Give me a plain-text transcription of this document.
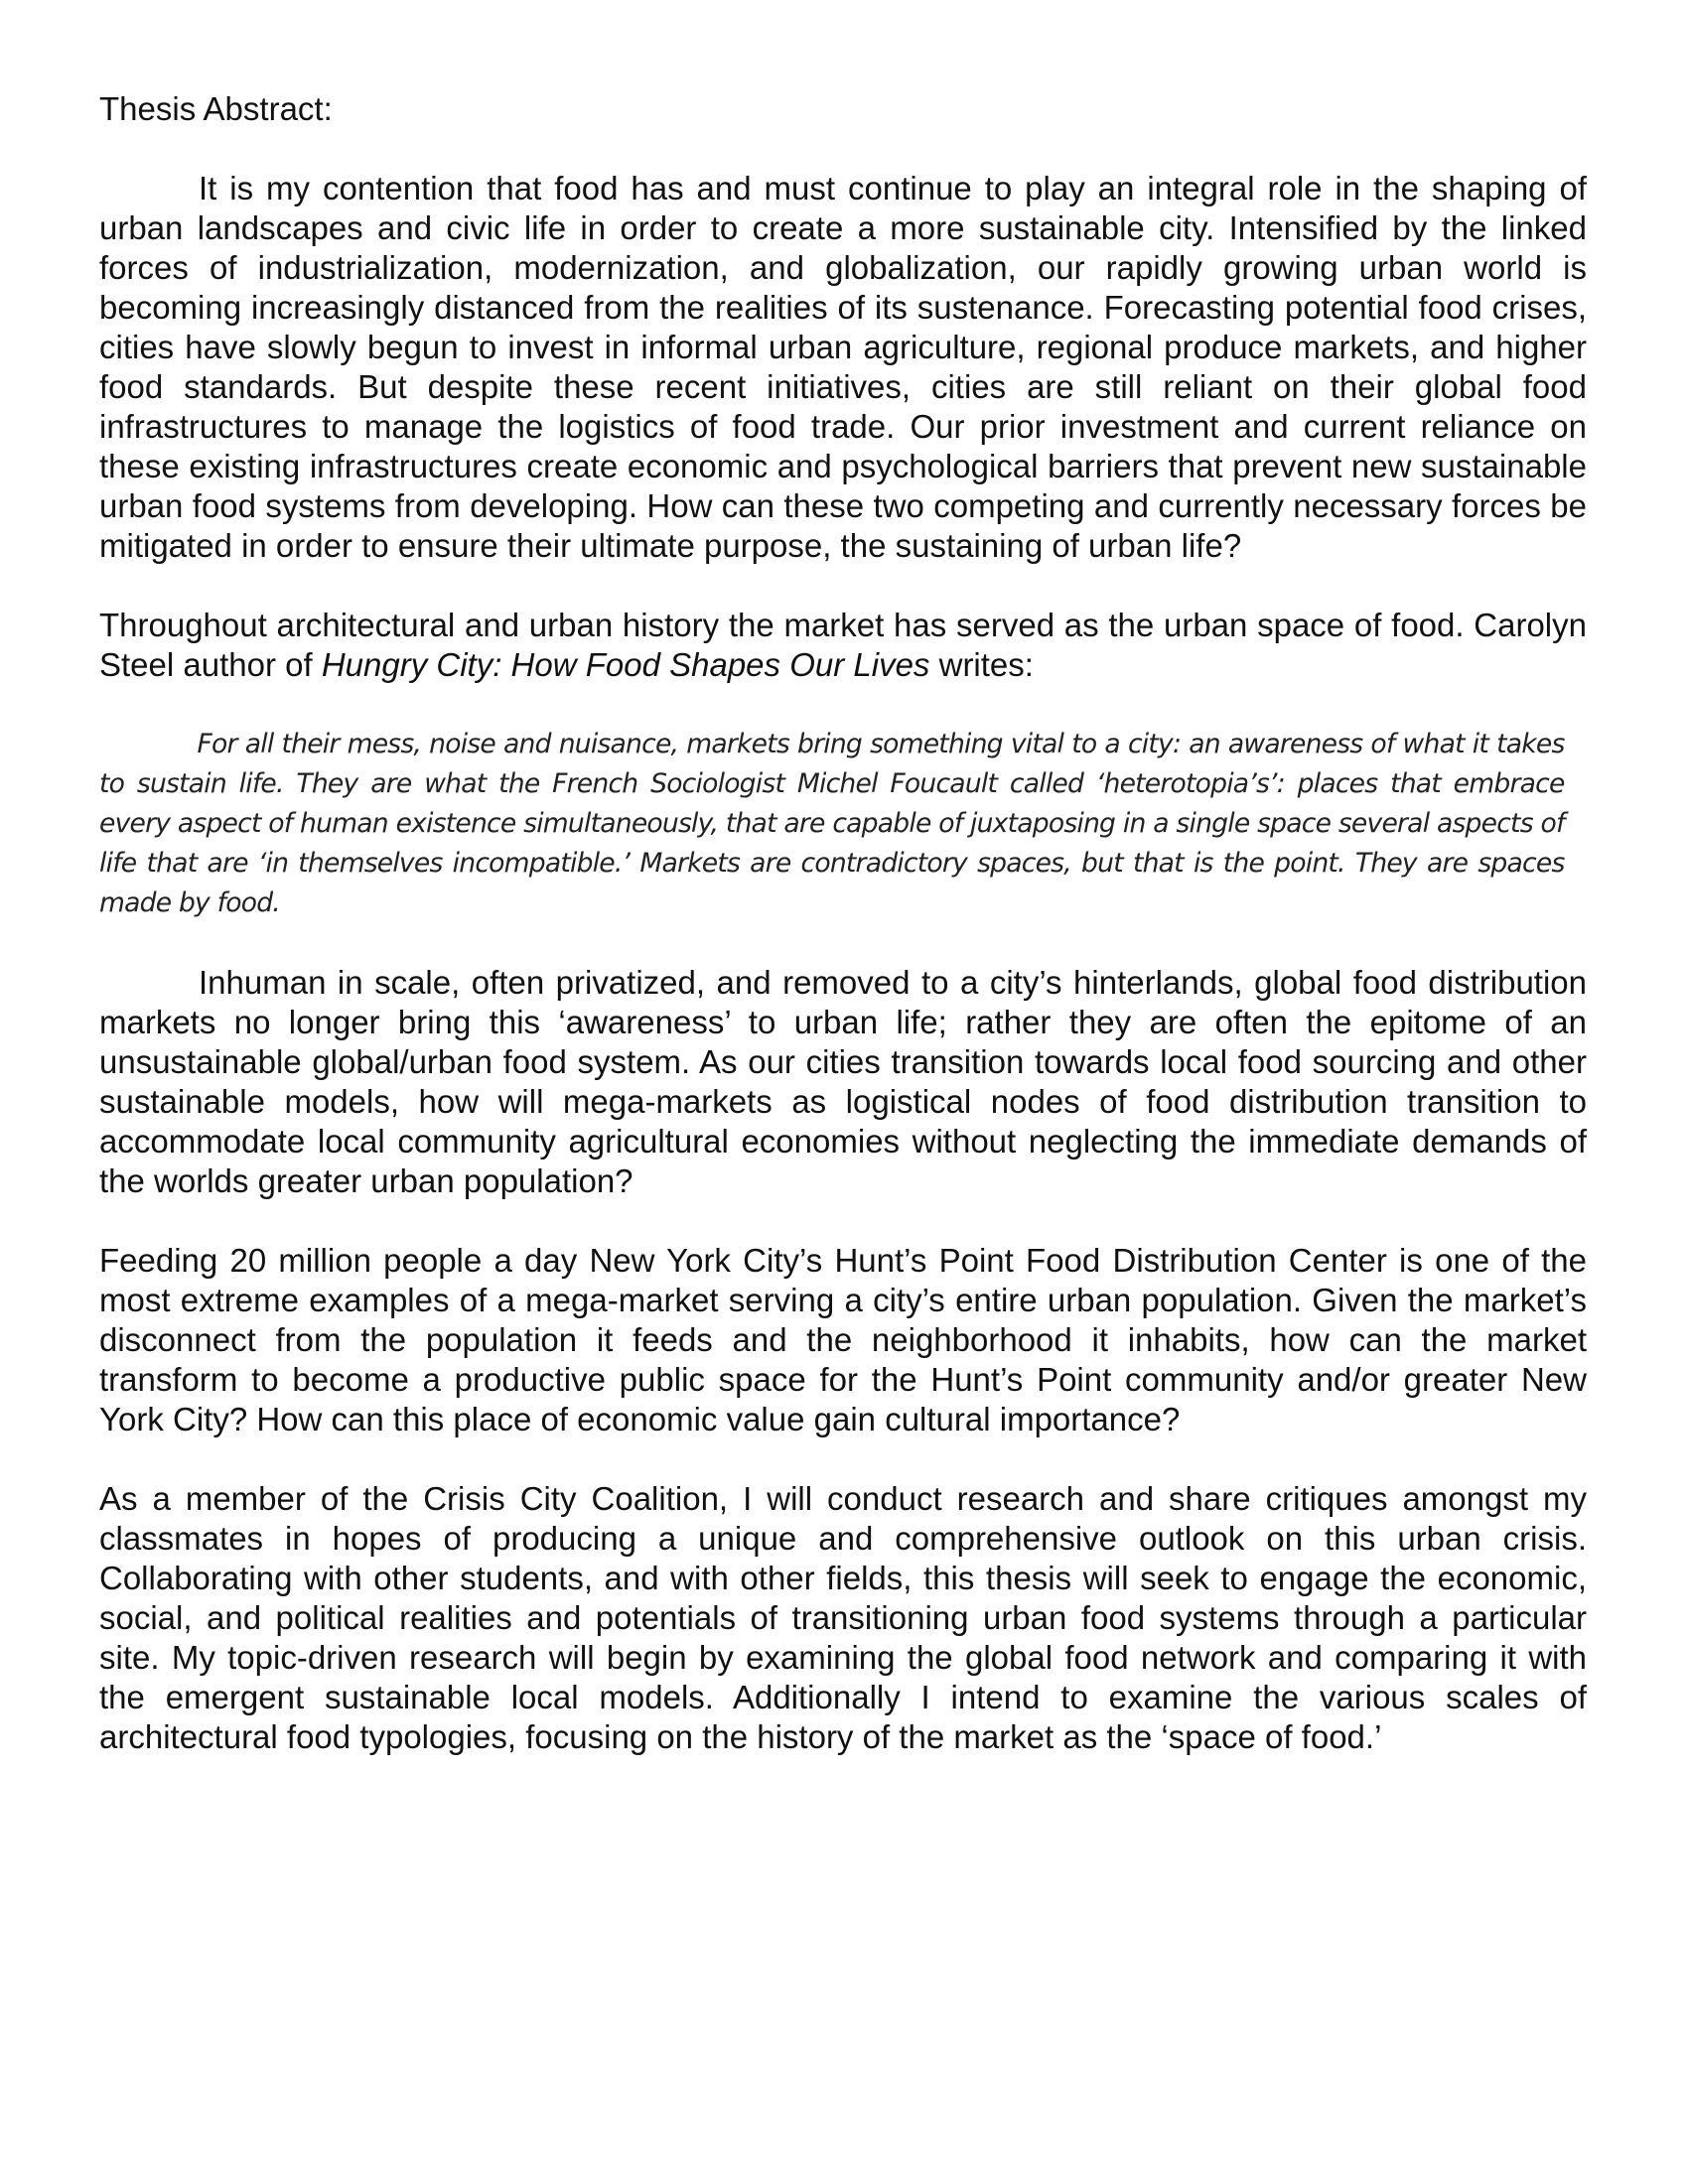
Thesis Abstract:

It is my contention that food has and must continue to play an integral role in the shaping of urban landscapes and civic life in order to create a more sustainable city. Intensified by the linked forces of industrialization, modernization, and globalization, our rapidly growing urban world is becoming increasingly distanced from the realities of its sustenance. Forecasting potential food crises, cities have slowly begun to invest in informal urban agriculture, regional produce markets, and higher food standards. But despite these recent initiatives, cities are still reliant on their global food infrastructures to manage the logistics of food trade. Our prior investment and current reliance on these existing infrastructures create economic and psychological barriers that prevent new sustainable urban food systems from developing. How can these two competing and currently necessary forces be mitigated in order to ensure their ultimate purpose, the sustaining of urban life?

Throughout architectural and urban history the market has served as the urban space of food. Carolyn Steel author of Hungry City: How Food Shapes Our Lives writes:

For all their mess, noise and nuisance, markets bring something vital to a city: an awareness of what it takes to sustain life. They are what the French Sociologist Michel Foucault called ‘heterotopia’s’: places that embrace every aspect of human existence simultaneously, that are capable of juxtaposing in a single space several aspects of life that are ‘in themselves incompatible.’ Markets are contradictory spaces, but that is the point. They are spaces made by food.

Inhuman in scale, often privatized, and removed to a city’s hinterlands, global food distribution markets no longer bring this ‘awareness’ to urban life; rather they are often the epitome of an unsustainable global/urban food system. As our cities transition towards local food sourcing and other sustainable models, how will mega-markets as logistical nodes of food distribution transition to accommodate local community agricultural economies without neglecting the immediate demands of the worlds greater urban population?

Feeding 20 million people a day New York City’s Hunt’s Point Food Distribution Center is one of the most extreme examples of a mega-market serving a city’s entire urban population. Given the market’s disconnect from the population it feeds and the neighborhood it inhabits, how can the market transform to become a productive public space for the Hunt’s Point community and/or greater New York City? How can this place of economic value gain cultural importance?

As a member of the Crisis City Coalition, I will conduct research and share critiques amongst my classmates in hopes of producing a unique and comprehensive outlook on this urban crisis. Collaborating with other students, and with other fields, this thesis will seek to engage the economic, social, and political realities and potentials of transitioning urban food systems through a particular site. My topic-driven research will begin by examining the global food network and comparing it with the emergent sustainable local models. Additionally I intend to examine the various scales of architectural food typologies, focusing on the history of the market as the ‘space of food.’
